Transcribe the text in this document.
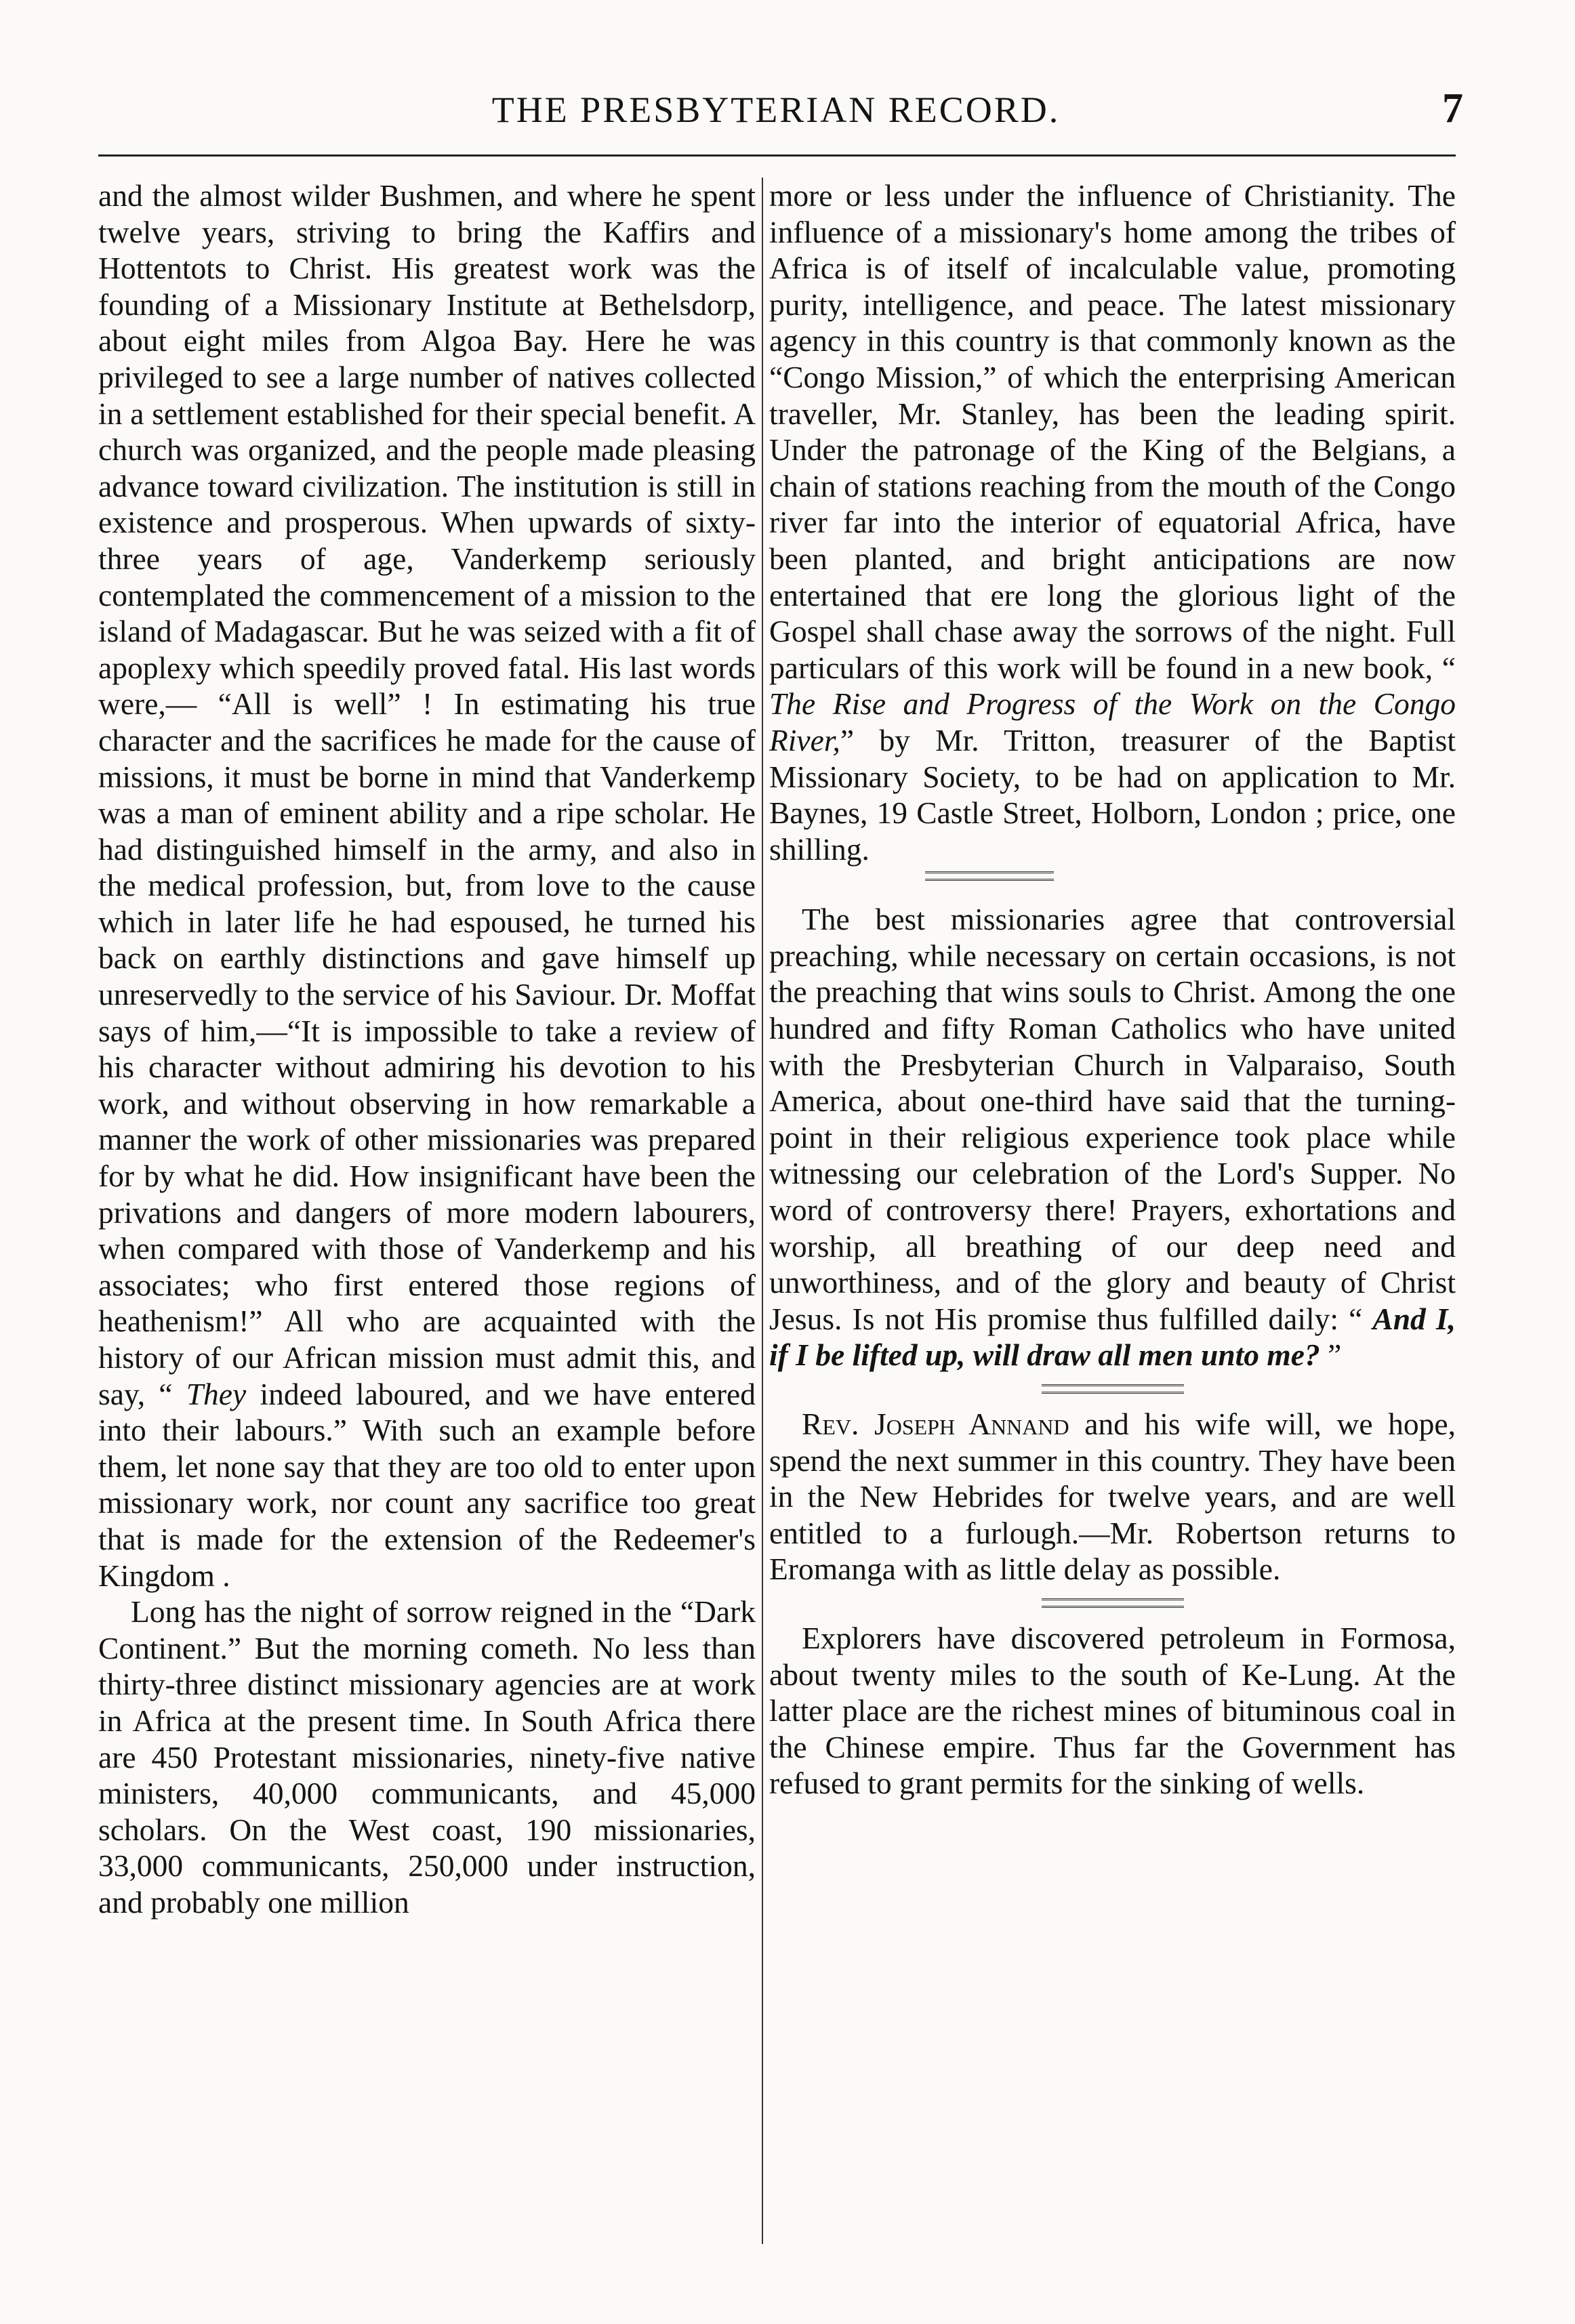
THE PRESBYTERIAN RECORD.	7

and the almost wilder Bushmen, and where he spent twelve years, striving to bring the Kaffirs and Hottentots to Christ. His greatest work was the founding of a Missionary Institute at Bethelsdorp, about eight miles from Algoa Bay. Here he was privileged to see a large number of natives collected in a settlement established for their special benefit. A church was organized, and the people made pleasing advance toward civilization. The institution is still in existence and prosperous. When upwards of sixty-three years of age, Vanderkemp seriously contemplated the commencement of a mission to the island of Madagascar. But he was seized with a fit of apoplexy which speedily proved fatal. His last words were,— “All is well” ! In estimating his true character and the sacrifices he made for the cause of missions, it must be borne in mind that Vanderkemp was a man of eminent ability and a ripe scholar. He had distinguished himself in the army, and also in the medical profession, but, from love to the cause which in later life he had espoused, he turned his back on earthly distinctions and gave himself up unreservedly to the service of his Saviour. Dr. Moffat says of him,—“It is impossible to take a review of his character without admiring his devotion to his work, and without observing in how remarkable a manner the work of other missionaries was prepared for by what he did. How insignificant have been the privations and dangers of more modern labourers, when compared with those of Vanderkemp and his associates; who first entered those regions of heathenism!” All who are acquainted with the history of our African mission must admit this, and say, “ They indeed laboured, and we have entered into their labours.” With such an example before them, let none say that they are too old to enter upon missionary work, nor count any sacrifice too great that is made for the extension of the Redeemer's Kingdom .

Long has the night of sorrow reigned in the “Dark Continent.” But the morning cometh. No less than thirty-three distinct missionary agencies are at work in Africa at the present time. In South Africa there are 450 Protestant missionaries, ninety-five native ministers, 40,000 communicants, and 45,000 scholars. On the West coast, 190 missionaries, 33,000 communicants, 250,000 under instruction, and probably one million

more or less under the influence of Christianity. The influence of a missionary's home among the tribes of Africa is of itself of incalculable value, promoting purity, intelligence, and peace. The latest missionary agency in this country is that commonly known as the “Congo Mission,” of which the enterprising American traveller, Mr. Stanley, has been the leading spirit. Under the patronage of the King of the Belgians, a chain of stations reaching from the mouth of the Congo river far into the interior of equatorial Africa, have been planted, and bright anticipations are now entertained that ere long the glorious light of the Gospel shall chase away the sorrows of the night. Full particulars of this work will be found in a new book, “ The Rise and Progress of the Work on the Congo River,” by Mr. Tritton, treasurer of the Baptist Missionary Society, to be had on application to Mr. Baynes, 19 Castle Street, Holborn, London ; price, one shilling.

The best missionaries agree that controversial preaching, while necessary on certain occasions, is not the preaching that wins souls to Christ. Among the one hundred and fifty Roman Catholics who have united with the Presbyterian Church in Valparaiso, South America, about one-third have said that the turning-point in their religious experience took place while witnessing our celebration of the Lord's Supper. No word of controversy there! Prayers, exhortations and worship, all breathing of our deep need and unworthiness, and of the glory and beauty of Christ Jesus. Is not His promise thus fulfilled daily: “ And I, if I be lifted up, will draw all men unto me? ”

Rev. Joseph Annand and his wife will, we hope, spend the next summer in this country. They have been in the New Hebrides for twelve years, and are well entitled to a furlough.—Mr. Robertson returns to Eromanga with as little delay as possible.

Explorers have discovered petroleum in Formosa, about twenty miles to the south of Ke-Lung. At the latter place are the richest mines of bituminous coal in the Chinese empire. Thus far the Government has refused to grant permits for the sinking of wells.
